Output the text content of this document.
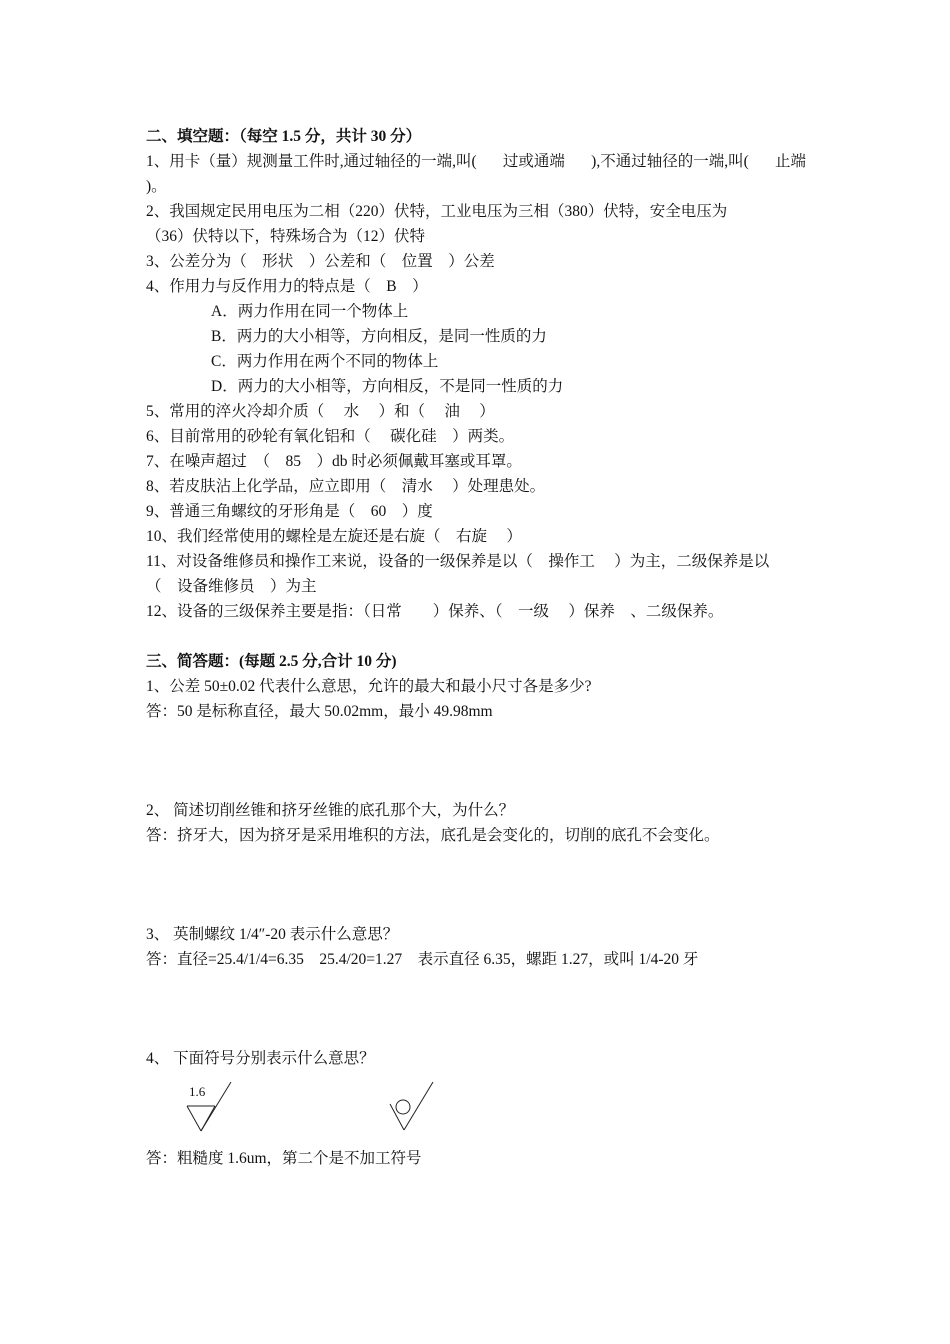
二、填空题：（每空 1.5 分，共计 30 分）
1、用卡（量）规测量工件时,通过轴径的一端,叫( 过或通端 ),不通过轴径的一端,叫( 止端
)。
2、我国规定民用电压为二相（220）伏特，工业电压为三相（380）伏特，安全电压为
（36）伏特以下，特殊场合为（12）伏特
3、公差分为（　形状　）公差和（　位置　）公差
4、作用力与反作用力的特点是（　B　）
A．两力作用在同一个物体上
B．两力的大小相等，方向相反，是同一性质的力
C．两力作用在两个不同的物体上
D．两力的大小相等，方向相反，不是同一性质的力
5、常用的淬火冷却介质（　 水　 ）和（　 油　 ）
6、目前常用的砂轮有氧化铝和（　 碳化硅　）两类。
7、在噪声超过　（　85　）db 时必须佩戴耳塞或耳罩。
8、若皮肤沾上化学品，应立即用（　清水　 ）处理患处。
9、普通三角螺纹的牙形角是（　60　）度
10、我们经常使用的螺栓是左旋还是右旋（　右旋　 ）
11、对设备维修员和操作工来说，设备的一级保养是以（　操作工　 ）为主，二级保养是以
（　设备维修员　）为主
12、设备的三级保养主要是指：（日常　　）保养、（　一级　 ）保养　、二级保养。
三、简答题：(每题 2.5 分,合计 10 分)
1、公差 50±0.02 代表什么意思，允许的最大和最小尺寸各是多少?
答：50 是标称直径，最大 50.02mm，最小 49.98mm
2、 简述切削丝锥和挤牙丝锥的底孔那个大，为什么？
答：挤牙大，因为挤牙是采用堆积的方法，底孔是会变化的，切削的底孔不会变化。
3、 英制螺纹 1/4″-20 表示什么意思？
答：直径=25.4/1/4=6.35　25.4/20=1.27　表示直径 6.35，螺距 1.27，或叫 1/4-20 牙
4、 下面符号分别表示什么意思？
1.6
答：粗糙度 1.6um，第二个是不加工符号
